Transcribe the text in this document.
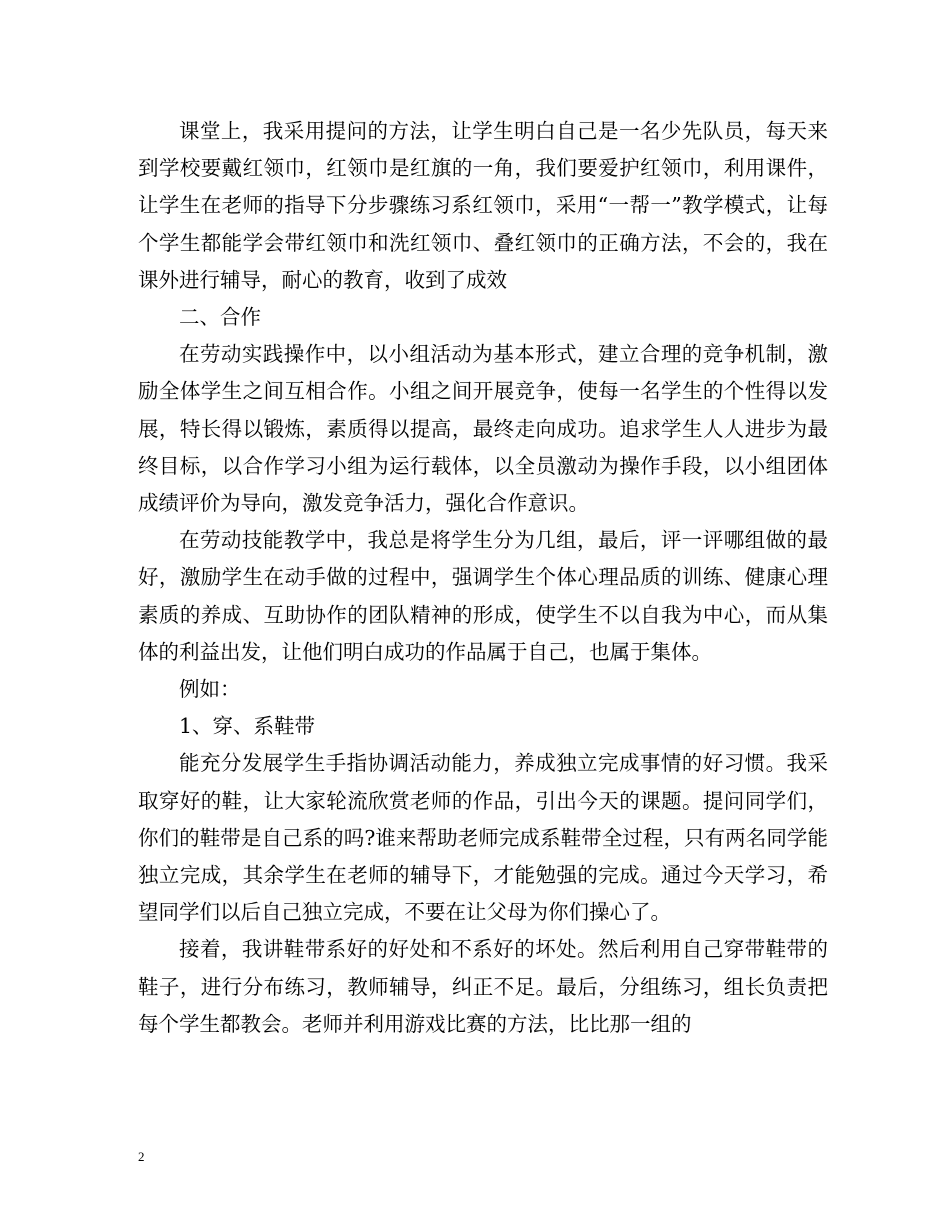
课堂上，我采用提问的方法，让学生明白自己是一名少先队员，每天来到学校要戴红领巾，红领巾是红旗的一角，我们要爱护红领巾，利用课件，让学生在老师的指导下分步骤练习系红领巾，采用“一帮一”教学模式，让每个学生都能学会带红领巾和洗红领巾、叠红领巾的正确方法，不会的，我在课外进行辅导，耐心的教育，收到了成效

二、合作

在劳动实践操作中，以小组活动为基本形式，建立合理的竞争机制，激励全体学生之间互相合作。小组之间开展竞争，使每一名学生的个性得以发展，特长得以锻炼，素质得以提高，最终走向成功。追求学生人人进步为最终目标，以合作学习小组为运行载体，以全员激动为操作手段，以小组团体成绩评价为导向，激发竞争活力，强化合作意识。

在劳动技能教学中，我总是将学生分为几组，最后，评一评哪组做的最好，激励学生在动手做的过程中，强调学生个体心理品质的训练、健康心理素质的养成、互助协作的团队精神的形成，使学生不以自我为中心，而从集体的利益出发，让他们明白成功的作品属于自己，也属于集体。

例如：

1、穿、系鞋带

能充分发展学生手指协调活动能力，养成独立完成事情的好习惯。我采取穿好的鞋，让大家轮流欣赏老师的作品，引出今天的课题。提问同学们，你们的鞋带是自己系的吗?谁来帮助老师完成系鞋带全过程，只有两名同学能独立完成，其余学生在老师的辅导下，才能勉强的完成。通过今天学习，希望同学们以后自己独立完成，不要在让父母为你们操心了。

接着，我讲鞋带系好的好处和不系好的坏处。然后利用自己穿带鞋带的鞋子，进行分布练习，教师辅导，纠正不足。最后，分组练习，组长负责把每个学生都教会。老师并利用游戏比赛的方法，比比那一组的

2
